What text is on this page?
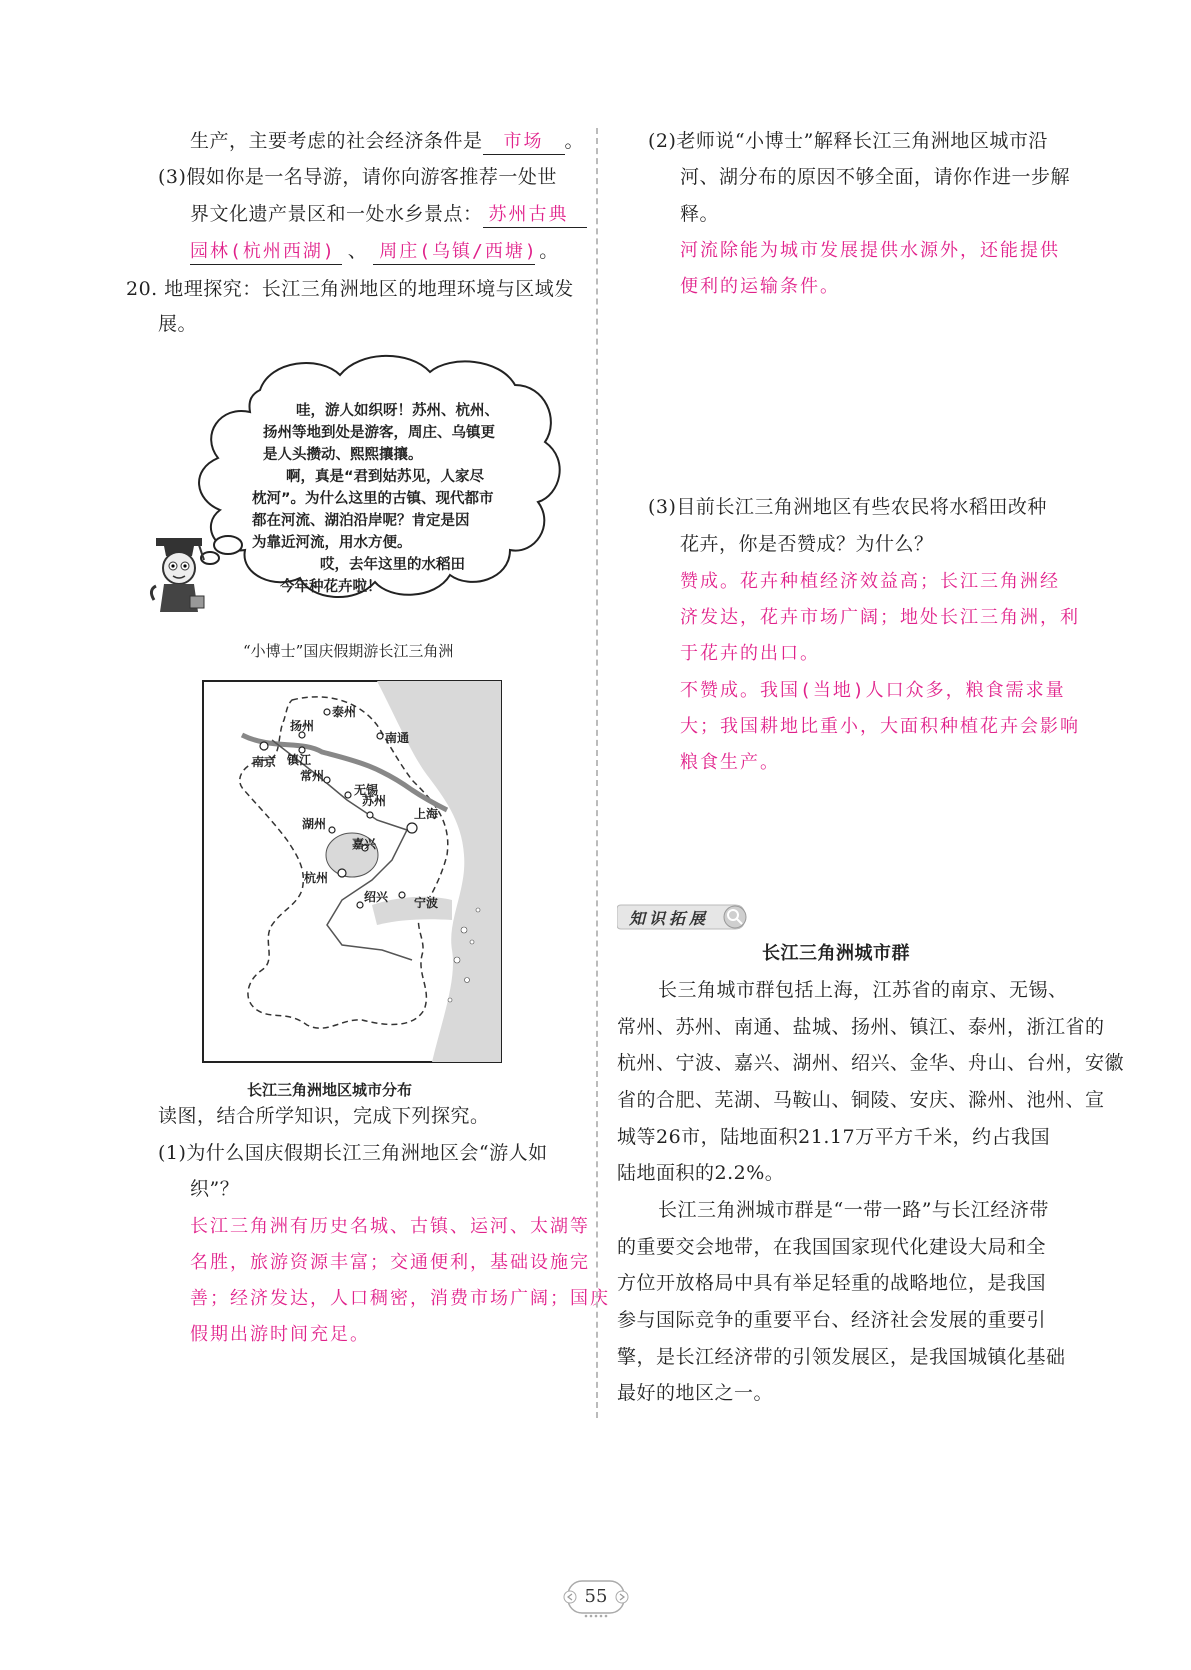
生产，主要考虑的社会经济条件是 市场 。
(3)假如你是一名导游，请你向游客推荐一处世
界文化遗产景区和一处水乡景点： 苏州古典
园林(杭州西湖) 、 周庄(乌镇/西塘)。
20. 地理探究：长江三角洲地区的地理环境与区域发
展。
哇，游人如织呀！苏州、杭州、
扬州等地到处是游客，周庄、乌镇更
是人头攒动、熙熙攘攘。
啊，真是“君到姑苏见，人家尽
枕河”。为什么这里的古镇、现代都市
都在河流、湖泊沿岸呢？肯定是因
为靠近河流，用水方便。
哎，去年这里的水稻田
今年种花卉啦！
“小博士”国庆假期游长江三角洲
扬州
泰州
南通
镇江
南京
常州
无锡
苏州
上海
湖州
嘉兴
杭州
绍兴 宁波
长江三角洲地区城市分布
读图，结合所学知识，完成下列探究。
(1)为什么国庆假期长江三角洲地区会“游人如
织”？
长江三角洲有历史名城、古镇、运河、太湖等
名胜，旅游资源丰富；交通便利，基础设施完
善；经济发达，人口稠密，消费市场广阔；国庆
假期出游时间充足。
(2)老师说“小博士”解释长江三角洲地区城市沿
河、湖分布的原因不够全面，请你作进一步解
释。
河流除能为城市发展提供水源外，还能提供
便利的运输条件。
(3)目前长江三角洲地区有些农民将水稻田改种
花卉，你是否赞成？为什么？
赞成。花卉种植经济效益高；长江三角洲经
济发达，花卉市场广阔；地处长江三角洲，利
于花卉的出口。
不赞成。我国(当地)人口众多，粮食需求量
大；我国耕地比重小，大面积种植花卉会影响
粮食生产。
知识拓展
长江三角洲城市群
长三角城市群包括上海，江苏省的南京、无锡、
常州、苏州、南通、盐城、扬州、镇江、泰州，浙江省的
杭州、宁波、嘉兴、湖州、绍兴、金华、舟山、台州，安徽
省的合肥、芜湖、马鞍山、铜陵、安庆、滁州、池州、宣
城等26市，陆地面积21.17万平方千米，约占我国
陆地面积的2.2%。
长江三角洲城市群是“一带一路”与长江经济带
的重要交会地带，在我国国家现代化建设大局和全
方位开放格局中具有举足轻重的战略地位，是我国
参与国际竞争的重要平台、经济社会发展的重要引
擎，是长江经济带的引领发展区，是我国城镇化基础
最好的地区之一。
55
